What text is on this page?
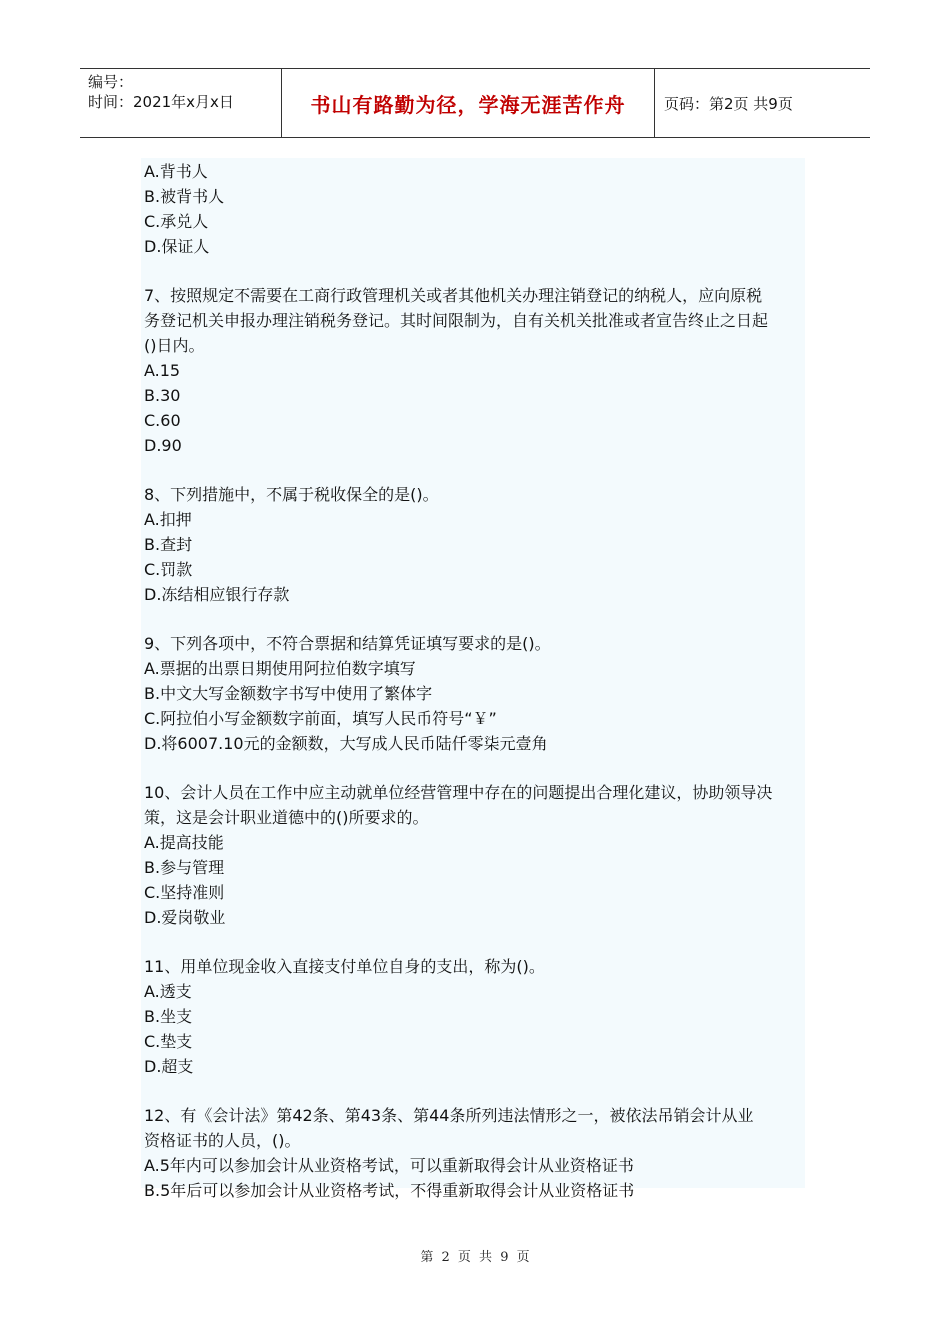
编号：
时间：2021年x月x日	书山有路勤为径，学海无涯苦作舟	页码：第2页 共9页
A.背书人
B.被背书人
C.承兑人
D.保证人
7、按照规定不需要在工商行政管理机关或者其他机关办理注销登记的纳税人，应向原税
务登记机关申报办理注销税务登记。其时间限制为，自有关机关批准或者宣告终止之日起
()日内。
A.15
B.30
C.60
D.90
8、下列措施中，不属于税收保全的是()。
A.扣押
B.查封
C.罚款
D.冻结相应银行存款
9、下列各项中，不符合票据和结算凭证填写要求的是()。
A.票据的出票日期使用阿拉伯数字填写
B.中文大写金额数字书写中使用了繁体字
C.阿拉伯小写金额数字前面，填写人民币符号“￥”
D.将6007.10元的金额数，大写成人民币陆仟零柒元壹角
10、会计人员在工作中应主动就单位经营管理中存在的问题提出合理化建议，协助领导决
策，这是会计职业道德中的()所要求的。
A.提高技能
B.参与管理
C.坚持准则
D.爱岗敬业
11、用单位现金收入直接支付单位自身的支出，称为()。
A.透支
B.坐支
C.垫支
D.超支
12、有《会计法》第42条、第43条、第44条所列违法情形之一，被依法吊销会计从业
资格证书的人员，()。
A.5年内可以参加会计从业资格考试，可以重新取得会计从业资格证书
B.5年后可以参加会计从业资格考试，不得重新取得会计从业资格证书
第 2 页 共 9 页
